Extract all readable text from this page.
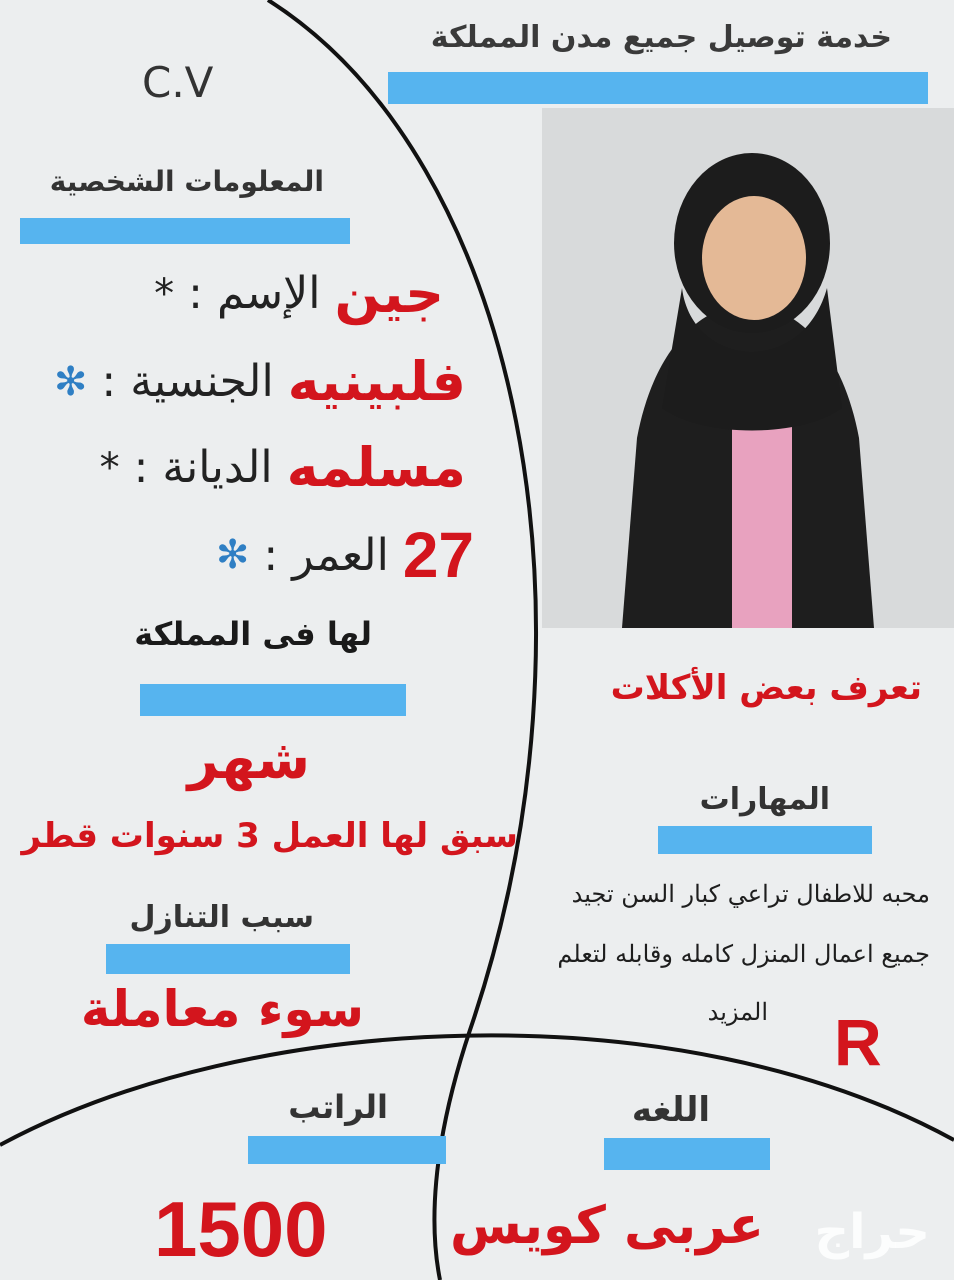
خدمة توصيل جميع مدن المملكة
C.V
المعلومات الشخصية
* الإسم : جين
✻ الجنسية : فلبينيه
* الديانة : مسلمه
✻ العمر : 27
لها فى المملكة
شهر
سبق لها العمل 3 سنوات قطر
سبب التنازل
سوء معاملة
تعرف بعض الأكلات
المهارات
محبه للاطفال تراعي كبار السن تجيد
جميع اعمال المنزل كامله وقابله لتعلم
المزيد R
الراتب
1500
اللغه
عربى كويس حراج
